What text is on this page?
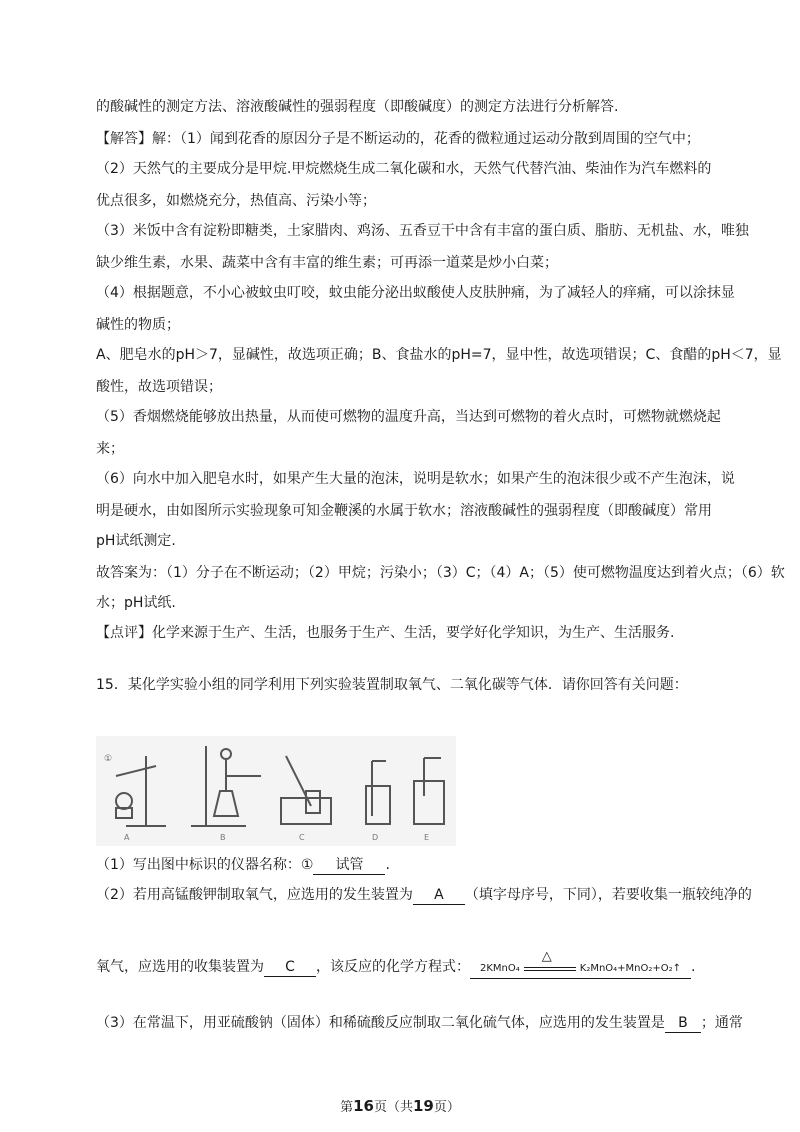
的酸碱性的测定方法、溶液酸碱性的强弱程度（即酸碱度）的测定方法进行分析解答.
【解答】解：（1）闻到花香的原因分子是不断运动的，花香的微粒通过运动分散到周围的空气中；
（2）天然气的主要成分是甲烷.甲烷燃烧生成二氧化碳和水，天然气代替汽油、柴油作为汽车燃料的
优点很多，如燃烧充分，热值高、污染小等；
（3）米饭中含有淀粉即糖类，土家腊肉、鸡汤、五香豆干中含有丰富的蛋白质、脂肪、无机盐、水，唯独
缺少维生素，水果、蔬菜中含有丰富的维生素；可再添一道菜是炒小白菜；
（4）根据题意，不小心被蚊虫叮咬，蚊虫能分泌出蚁酸使人皮肤肿痛，为了减轻人的痒痛，可以涂抹显
碱性的物质；
A、肥皂水的pH＞7，显碱性，故选项正确；B、食盐水的pH=7，显中性，故选项错误；C、食醋的pH＜7，显
酸性，故选项错误；
（5）香烟燃烧能够放出热量，从而使可燃物的温度升高，当达到可燃物的着火点时，可燃物就燃烧起
来；
（6）向水中加入肥皂水时，如果产生大量的泡沫，说明是软水；如果产生的泡沫很少或不产生泡沫，说
明是硬水，由如图所示实验现象可知金鞭溪的水属于软水；溶液酸碱性的强弱程度（即酸碱度）常用
pH试纸测定.
故答案为：（1）分子在不断运动；（2）甲烷；污染小；（3）C；（4）A；（5）使可燃物温度达到着火点；（6）软
水；pH试纸.
【点评】化学来源于生产、生活，也服务于生产、生活，要学好化学知识，为生产、生活服务.
15．某化学实验小组的同学利用下列实验装置制取氧气、二氧化碳等气体．请你回答有关问题：
①
A	B	C	D	E
（1）写出图中标识的仪器名称：① 试管 .
（2）若用高锰酸钾制取氧气，应选用的发生装置为 A （填字母序号，下同），若要收集一瓶较纯净的
氧气，应选用的收集装置为 C ，该反应的化学方程式： 2KMnO₄
△
K₂MnO₄+MnO₂+O₂↑ .
（3）在常温下，用亚硫酸钠（固体）和稀硫酸反应制取二氧化硫气体，应选用的发生装置是 B ；通常
第16页（共19页）
